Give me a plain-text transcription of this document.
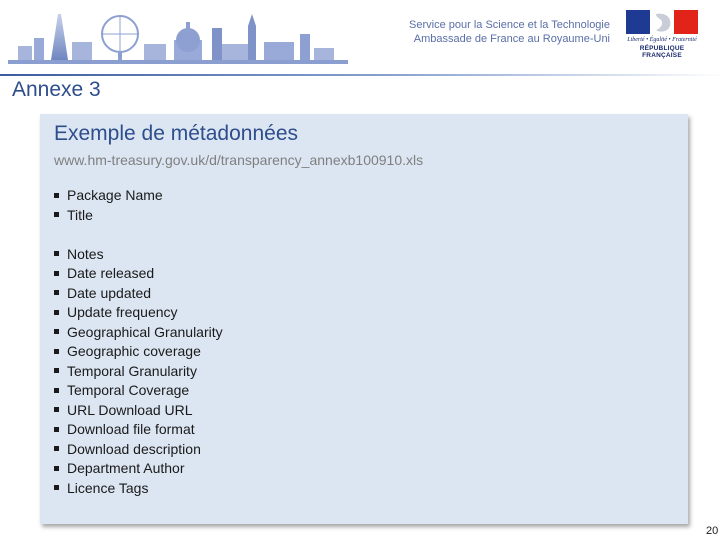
Service pour la Science et la Technologie
Ambassade de France au Royaume-Uni	Liberté • Égalité • Fraternité
RÉPUBLIQUE FRANÇAISE
Annexe 3
Exemple de métadonnées
www.hm-treasury.gov.uk/d/transparency_annexb100910.xls
Package Name
Title
Notes
Date released
Date updated
Update frequency
Geographical Granularity
Geographic coverage
Temporal Granularity
Temporal Coverage
URL Download URL
Download file format
Download description
Department Author
Licence Tags
20
